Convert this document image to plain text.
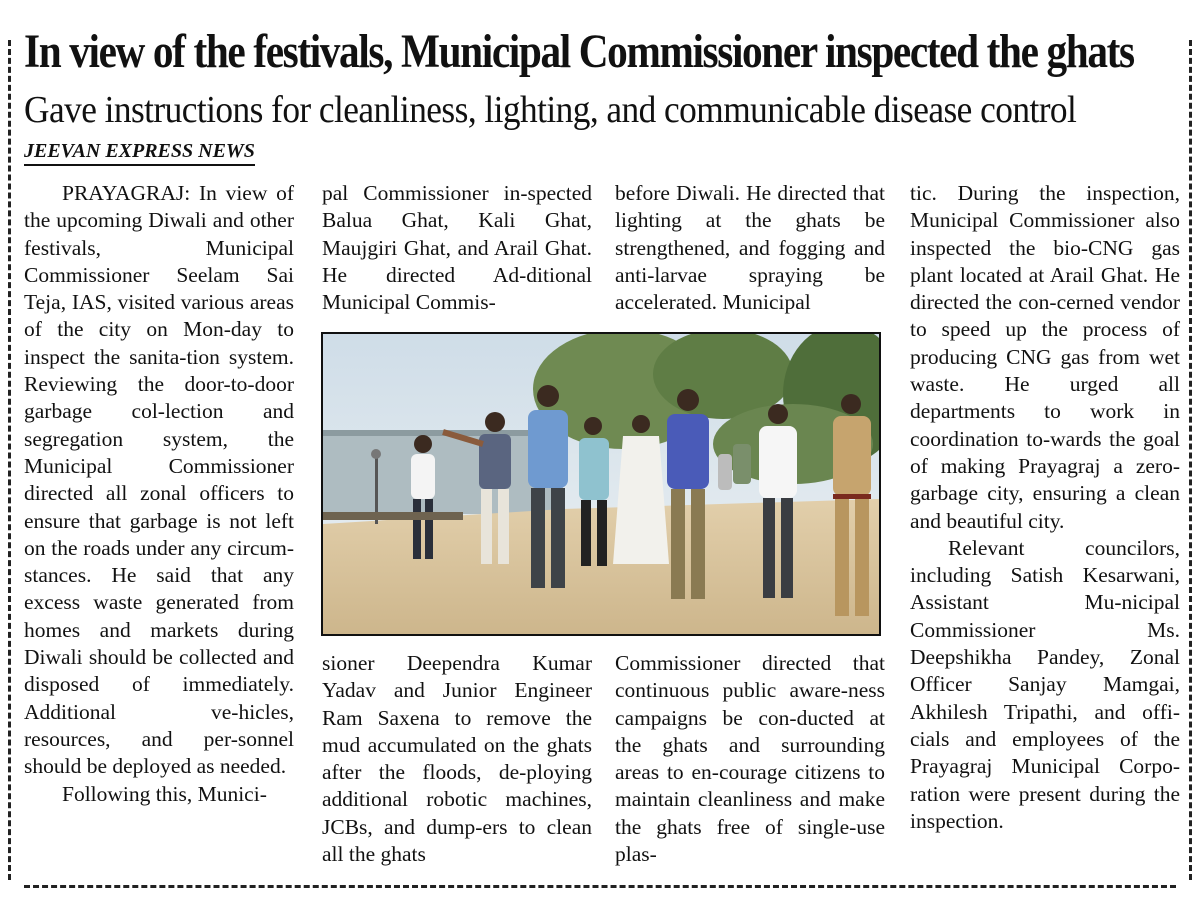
In view of the festivals, Municipal Commissioner inspected the ghats
Gave instructions for cleanliness, lighting, and communicable disease control
JEEVAN EXPRESS NEWS

PRAYAGRAJ: In view of the upcoming Diwali and other festivals, Municipal Commissioner Seelam Sai Teja, IAS, visited various areas of the city on Mon-day to inspect the sanita-tion system. Reviewing the door-to-door garbage col-lection and segregation system, the Municipal Commissioner directed all zonal officers to ensure that garbage is not left on the roads under any circum-stances. He said that any excess waste generated from homes and markets during Diwali should be collected and disposed of immediately. Additional ve-hicles, resources, and per-sonnel should be deployed as needed.

Following this, Munici-

pal Commissioner in-spected Balua Ghat, Kali Ghat, Maujgiri Ghat, and Arail Ghat. He directed Ad-ditional Municipal Commis-

before Diwali. He directed that lighting at the ghats be strengthened, and fogging and anti-larvae spraying be accelerated. Municipal

tic. During the inspection, Municipal Commissioner also inspected the bio-CNG gas plant located at Arail Ghat. He directed the con-cerned vendor to speed up the process of producing CNG gas from wet waste. He urged all departments to work in coordination to-wards the goal of making Prayagraj a zero-garbage city, ensuring a clean and beautiful city.

Relevant councilors, including Satish Kesarwani, Assistant Mu-nicipal Commissioner Ms. Deepshikha Pandey, Zonal Officer Sanjay Mamgai, Akhilesh Tripathi, and offi-cials and employees of the Prayagraj Municipal Corpo-ration were present during the inspection.

sioner Deependra Kumar Yadav and Junior Engineer Ram Saxena to remove the mud accumulated on the ghats after the floods, de-ploying additional robotic machines, JCBs, and dump-ers to clean all the ghats

Commissioner directed that continuous public aware-ness campaigns be con-ducted at the ghats and surrounding areas to en-courage citizens to maintain cleanliness and make the ghats free of single-use plas-
